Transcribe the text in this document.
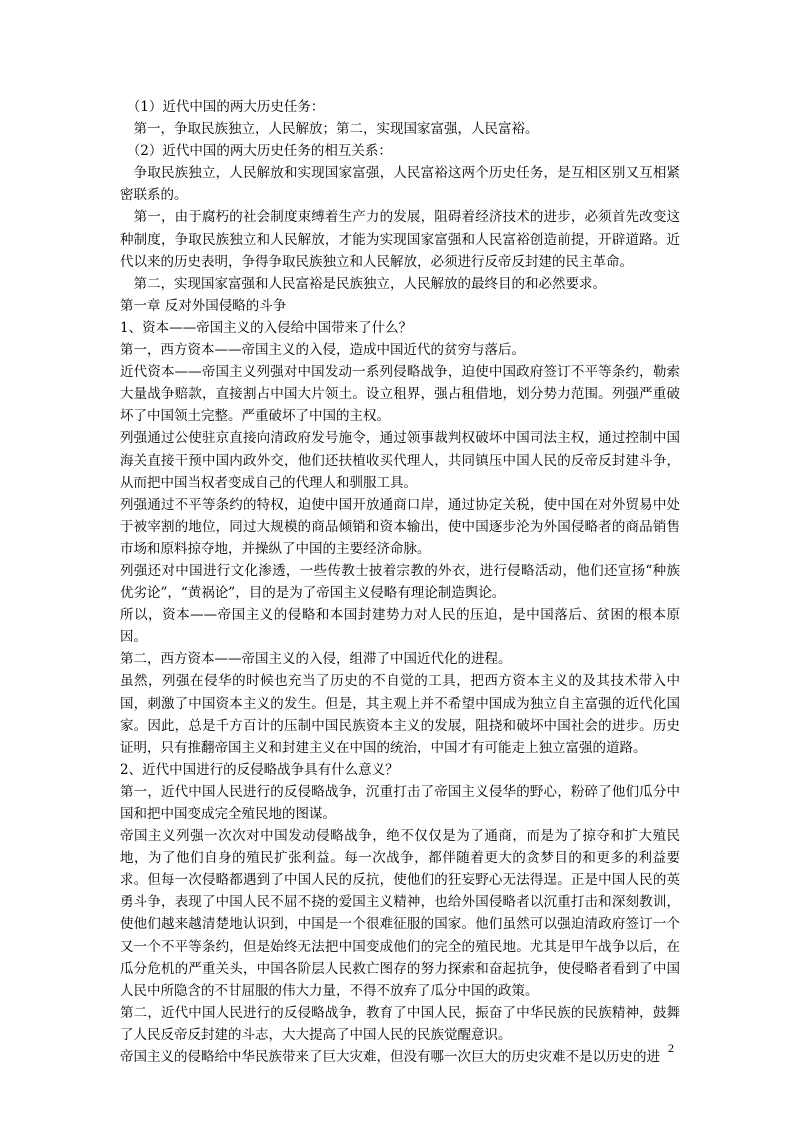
　（1）近代中国的两大历史任务：

　第一，争取民族独立，人民解放；第二，实现国家富强，人民富裕。

　（2）近代中国的两大历史任务的相互关系：

　争取民族独立，人民解放和实现国家富强，人民富裕这两个历史任务，是互相区别又互相紧密联系的。

　第一，由于腐朽的社会制度束缚着生产力的发展，阻碍着经济技术的进步，必须首先改变这种制度，争取民族独立和人民解放，才能为实现国家富强和人民富裕创造前提，开辟道路。近代以来的历史表明，争得争取民族独立和人民解放，必须进行反帝反封建的民主革命。

　第二，实现国家富强和人民富裕是民族独立，人民解放的最终目的和必然要求。

第一章 反对外国侵略的斗争

1、资本——帝国主义的入侵给中国带来了什么？

第一，西方资本——帝国主义的入侵，造成中国近代的贫穷与落后。

近代资本——帝国主义列强对中国发动一系列侵略战争，迫使中国政府签订不平等条约，勒索大量战争赔款，直接割占中国大片领土。设立租界，强占租借地，划分势力范围。列强严重破坏了中国领土完整。严重破坏了中国的主权。

列强通过公使驻京直接向清政府发号施令，通过领事裁判权破坏中国司法主权，通过控制中国海关直接干预中国内政外交，他们还扶植收买代理人，共同镇压中国人民的反帝反封建斗争，从而把中国当权者变成自己的代理人和驯服工具。

列强通过不平等条约的特权，迫使中国开放通商口岸，通过协定关税，使中国在对外贸易中处于被宰割的地位，同过大规模的商品倾销和资本输出，使中国逐步沦为外国侵略者的商品销售市场和原料掠夺地，并操纵了中国的主要经济命脉。

列强还对中国进行文化渗透，一些传教士披着宗教的外衣，进行侵略活动，他们还宣扬“种族优劣论”，“黄祸论”，目的是为了帝国主义侵略有理论制造舆论。

所以，资本——帝国主义的侵略和本国封建势力对人民的压迫，是中国落后、贫困的根本原因。

第二，西方资本——帝国主义的入侵，组滞了中国近代化的进程。

虽然，列强在侵华的时候也充当了历史的不自觉的工具，把西方资本主义的及其技术带入中国，刺激了中国资本主义的发生。但是，其主观上并不希望中国成为独立自主富强的近代化国家。因此，总是千方百计的压制中国民族资本主义的发展，阻挠和破坏中国社会的进步。历史证明，只有推翻帝国主义和封建主义在中国的统治，中国才有可能走上独立富强的道路。

2、近代中国进行的反侵略战争具有什么意义？

第一，近代中国人民进行的反侵略战争，沉重打击了帝国主义侵华的野心，粉碎了他们瓜分中国和把中国变成完全殖民地的图谋。

帝国主义列强一次次对中国发动侵略战争，绝不仅仅是为了通商，而是为了掠夺和扩大殖民地，为了他们自身的殖民扩张利益。每一次战争，都伴随着更大的贪梦目的和更多的利益要求。但每一次侵略都遇到了中国人民的反抗，使他们的狂妄野心无法得逞。正是中国人民的英勇斗争，表现了中国人民不屈不挠的爱国主义精神，也给外国侵略者以沉重打击和深刻教训，使他们越来越清楚地认识到，中国是一个很难征服的国家。他们虽然可以强迫清政府签订一个又一个不平等条约，但是始终无法把中国变成他们的完全的殖民地。尤其是甲午战争以后，在瓜分危机的严重关头，中国各阶层人民救亡图存的努力探索和奋起抗争，使侵略者看到了中国人民中所隐含的不甘屈服的伟大力量，不得不放弃了瓜分中国的政策。

第二，近代中国人民进行的反侵略战争，教育了中国人民，振奋了中华民族的民族精神，鼓舞了人民反帝反封建的斗志，大大提高了中国人民的民族觉醒意识。

帝国主义的侵略给中华民族带来了巨大灾难，但没有哪一次巨大的历史灾难不是以历史的进

2
